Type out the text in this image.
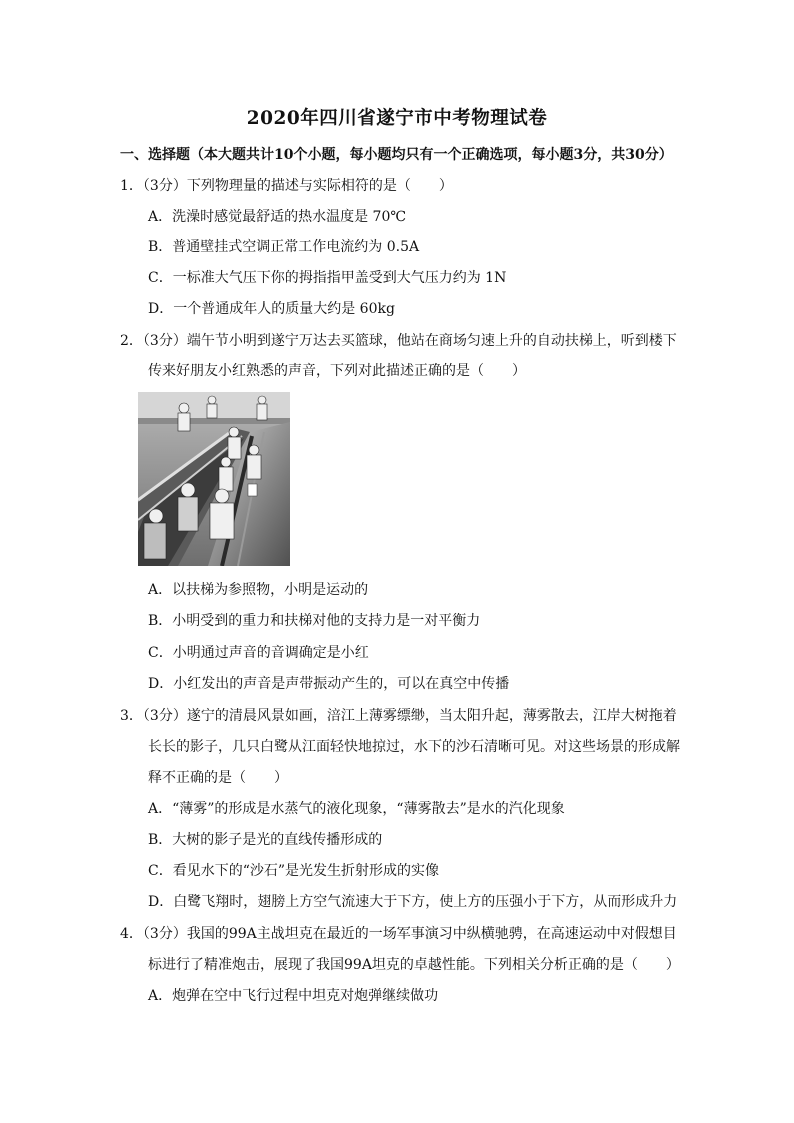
2020年四川省遂宁市中考物理试卷
一、选择题（本大题共计10个小题，每小题均只有一个正确选项，每小题3分，共30分）
1．（3分）下列物理量的描述与实际相符的是（　　）
A．洗澡时感觉最舒适的热水温度是 70℃
B．普通壁挂式空调正常工作电流约为 0.5A
C．一标准大气压下你的拇指指甲盖受到大气压力约为 1N
D．一个普通成年人的质量大约是 60kg
2．（3分）端午节小明到遂宁万达去买篮球，他站在商场匀速上升的自动扶梯上，听到楼下
传来好朋友小红熟悉的声音，下列对此描述正确的是（　　）
A．以扶梯为参照物，小明是运动的
B．小明受到的重力和扶梯对他的支持力是一对平衡力
C．小明通过声音的音调确定是小红
D．小红发出的声音是声带振动产生的，可以在真空中传播
3．（3分）遂宁的清晨风景如画，涪江上薄雾缥缈，当太阳升起，薄雾散去，江岸大树拖着
长长的影子，几只白鹭从江面轻快地掠过，水下的沙石清晰可见。对这些场景的形成解
释不正确的是（　　）
A．“薄雾”的形成是水蒸气的液化现象，“薄雾散去”是水的汽化现象
B．大树的影子是光的直线传播形成的
C．看见水下的“沙石”是光发生折射形成的实像
D．白鹭飞翔时，翅膀上方空气流速大于下方，使上方的压强小于下方，从而形成升力
4．（3分）我国的99A主战坦克在最近的一场军事演习中纵横驰骋，在高速运动中对假想目
标进行了精准炮击，展现了我国99A坦克的卓越性能。下列相关分析正确的是（　　）
A．炮弹在空中飞行过程中坦克对炮弹继续做功
